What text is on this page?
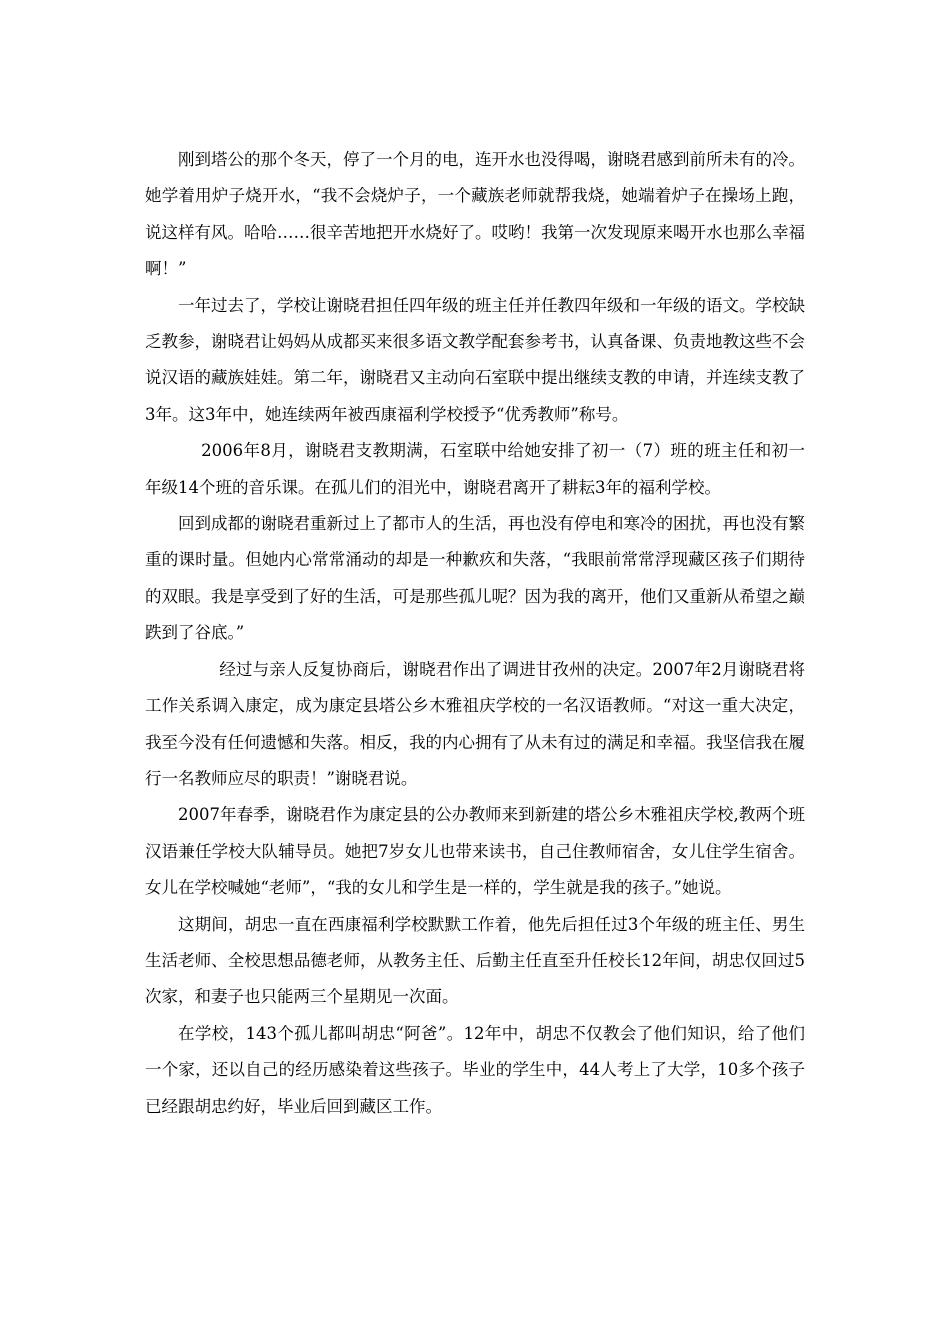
刚到塔公的那个冬天，停了一个月的电，连开水也没得喝，谢晓君感到前所未有的冷。她学着用炉子烧开水，“我不会烧炉子，一个藏族老师就帮我烧，她端着炉子在操场上跑，说这样有风。哈哈……很辛苦地把开水烧好了。哎哟！我第一次发现原来喝开水也那么幸福啊！”

一年过去了，学校让谢晓君担任四年级的班主任并任教四年级和一年级的语文。学校缺乏教参，谢晓君让妈妈从成都买来很多语文教学配套参考书，认真备课、负责地教这些不会说汉语的藏族娃娃。第二年，谢晓君又主动向石室联中提出继续支教的申请，并连续支教了3年。这3年中，她连续两年被西康福利学校授予“优秀教师”称号。

2006年8月，谢晓君支教期满，石室联中给她安排了初一（7）班的班主任和初一年级14个班的音乐课。在孤儿们的泪光中，谢晓君离开了耕耘3年的福利学校。

回到成都的谢晓君重新过上了都市人的生活，再也没有停电和寒冷的困扰，再也没有繁重的课时量。但她内心常常涌动的却是一种歉疚和失落，“我眼前常常浮现藏区孩子们期待的双眼。我是享受到了好的生活，可是那些孤儿呢？因为我的离开，他们又重新从希望之巅跌到了谷底。”

经过与亲人反复协商后，谢晓君作出了调进甘孜州的决定。2007年2月谢晓君将工作关系调入康定，成为康定县塔公乡木雅祖庆学校的一名汉语教师。“对这一重大决定，我至今没有任何遗憾和失落。相反，我的内心拥有了从未有过的满足和幸福。我坚信我在履行一名教师应尽的职责！”谢晓君说。

2007年春季，谢晓君作为康定县的公办教师来到新建的塔公乡木雅祖庆学校,教两个班汉语兼任学校大队辅导员。她把7岁女儿也带来读书，自己住教师宿舍，女儿住学生宿舍。女儿在学校喊她“老师”，“我的女儿和学生是一样的，学生就是我的孩子。”她说。

这期间，胡忠一直在西康福利学校默默工作着，他先后担任过3个年级的班主任、男生生活老师、全校思想品德老师，从教务主任、后勤主任直至升任校长12年间，胡忠仅回过5次家，和妻子也只能两三个星期见一次面。

在学校，143个孤儿都叫胡忠“阿爸”。12年中，胡忠不仅教会了他们知识，给了他们一个家，还以自己的经历感染着这些孩子。毕业的学生中，44人考上了大学，10多个孩子已经跟胡忠约好，毕业后回到藏区工作。
